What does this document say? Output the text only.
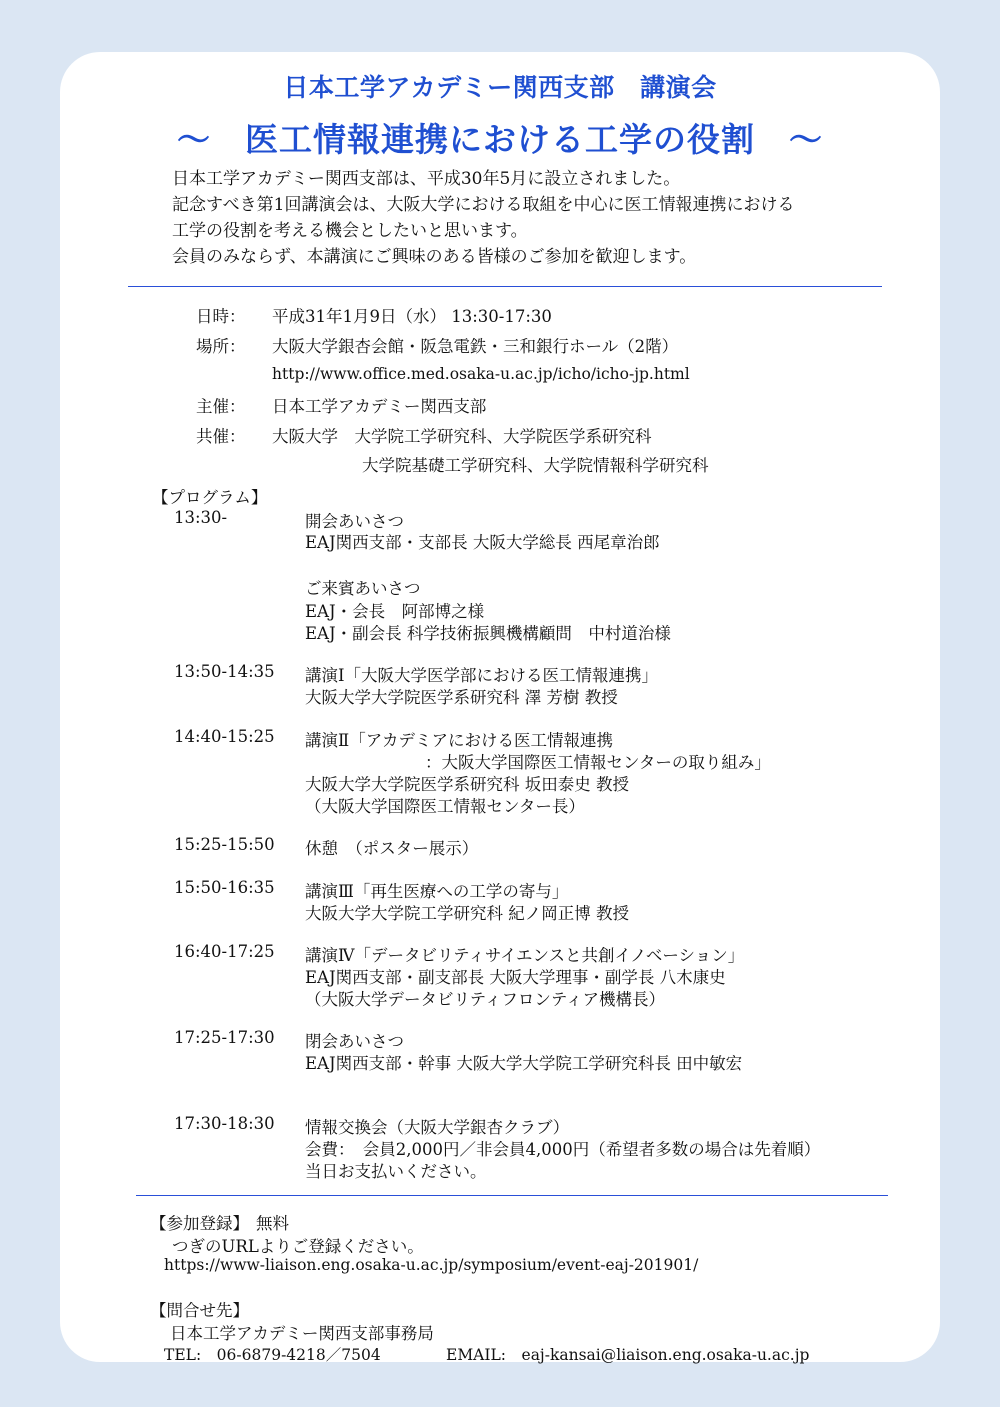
日本工学アカデミー関西支部　講演会
～　医工情報連携における工学の役割　～
日本工学アカデミー関西支部は、平成30年5月に設立されました。
記念すべき第1回講演会は、大阪大学における取組を中心に医工情報連携における
工学の役割を考える機会としたいと思います。
会員のみならず、本講演にご興味のある皆様のご参加を歓迎します。
日時： 平成31年1月9日（水） 13:30-17:30
場所： 大阪大学銀杏会館・阪急電鉄・三和銀行ホール（2階）
http://www.office.med.osaka-u.ac.jp/icho/icho-jp.html
主催： 日本工学アカデミー関西支部
共催： 大阪大学　大学院工学研究科、大学院医学系研究科
大学院基礎工学研究科、大学院情報科学研究科
【プログラム】
13:30-	開会あいさつ
EAJ関西支部・支部長 大阪大学総長 西尾章治郎
ご来賓あいさつ
EAJ・会長　阿部博之様
EAJ・副会長 科学技術振興機構顧問　中村道治様
13:50-14:35 講演Ⅰ「大阪大学医学部における医工情報連携」
大阪大学大学院医学系研究科 澤 芳樹 教授
14:40-15:25 講演Ⅱ「アカデミアにおける医工情報連携
：大阪大学国際医工情報センターの取り組み」
大阪大学大学院医学系研究科 坂田泰史 教授
（大阪大学国際医工情報センター長）
15:25-15:50 休憩　（ポスター展示）
15:50-16:35 講演Ⅲ「再生医療への工学の寄与」
大阪大学大学院工学研究科 紀ノ岡正博 教授
16:40-17:25 講演Ⅳ「データビリティサイエンスと共創イノベーション」
EAJ関西支部・副支部長 大阪大学理事・副学長 八木康史
（大阪大学データビリティフロンティア機構長）
17:25-17:30 閉会あいさつ
EAJ関西支部・幹事 大阪大学大学院工学研究科長 田中敏宏
17:30-18:30 情報交換会（大阪大学銀杏クラブ）
会費：　会員2,000円／非会員4,000円（希望者多数の場合は先着順）
当日お支払いください。
【参加登録】 無料
つぎのURLよりご登録ください。
https://www-liaison.eng.osaka-u.ac.jp/symposium/event-eaj-201901/
【問合せ先】
日本工学アカデミー関西支部事務局
TEL:　06-6879-4218／7504	EMAIL:　eaj-kansai@liaison.eng.osaka-u.ac.jp
